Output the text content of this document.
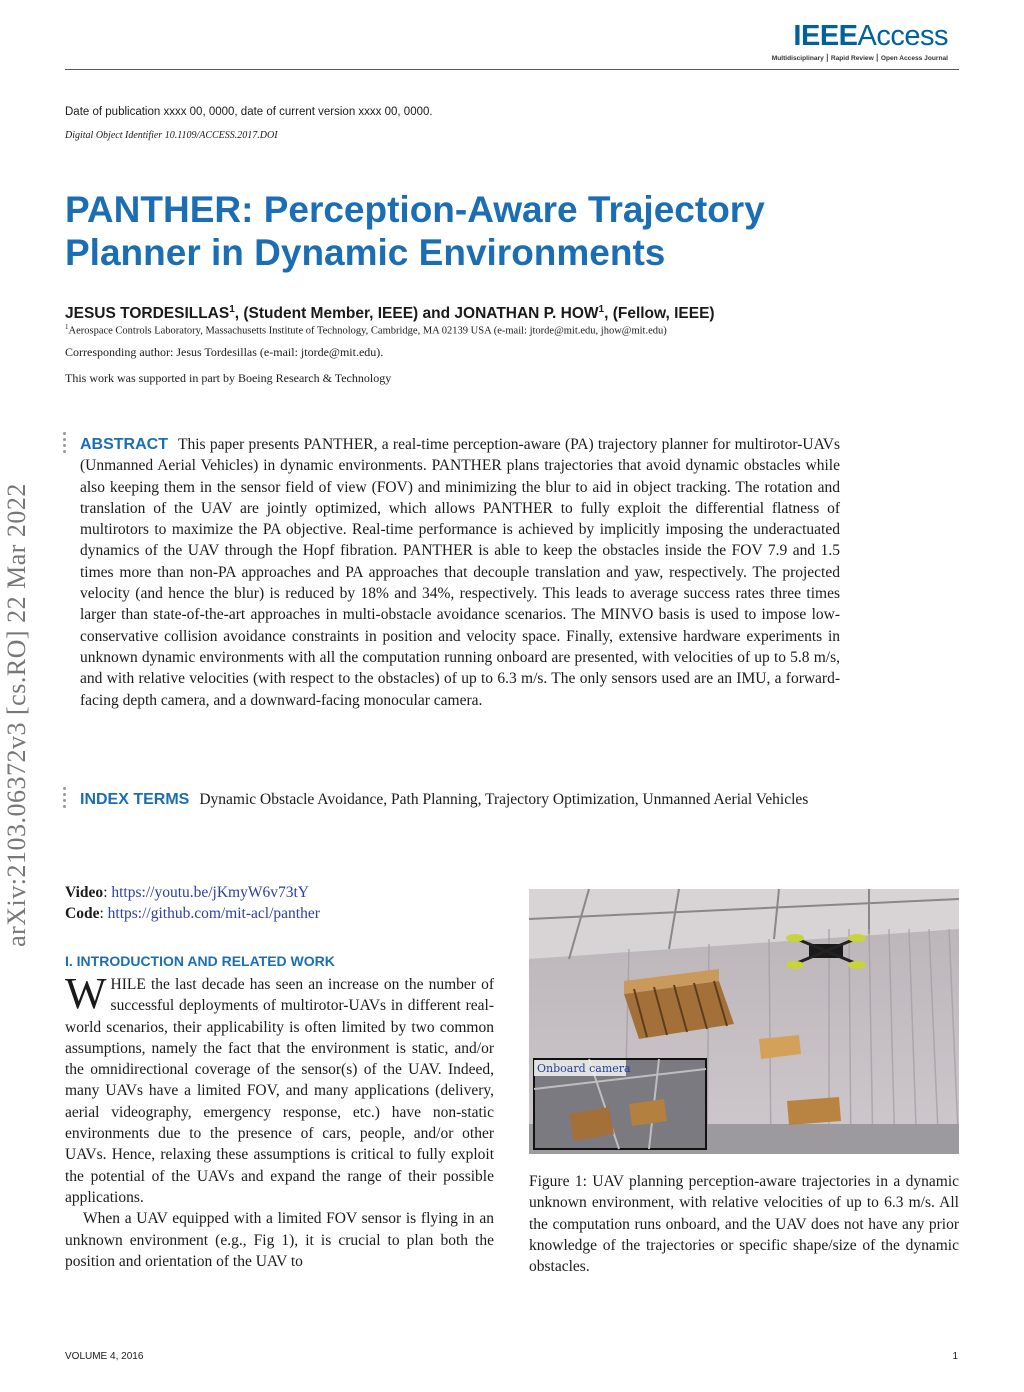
IEEEAccess
Multidisciplinary ⎮ Rapid Review ⎮ Open Access Journal
Date of publication xxxx 00, 0000, date of current version xxxx 00, 0000.
Digital Object Identifier 10.1109/ACCESS.2017.DOI
PANTHER: Perception-Aware Trajectory Planner in Dynamic Environments
JESUS TORDESILLAS$^1$, (Student Member, IEEE) and JONATHAN P. HOW$^1$, (Fellow, IEEE)
$^1$Aerospace Controls Laboratory, Massachusetts Institute of Technology, Cambridge, MA 02139 USA (e-mail: jtorde@mit.edu, jhow@mit.edu)
Corresponding author: Jesus Tordesillas (e-mail: jtorde@mit.edu).
This work was supported in part by Boeing Research & Technology
arXiv:2103.06372v3 [cs.RO] 22 Mar 2022
ABSTRACT This paper presents PANTHER, a real-time perception-aware (PA) trajectory planner for multirotor-UAVs (Unmanned Aerial Vehicles) in dynamic environments. PANTHER plans trajectories that avoid dynamic obstacles while also keeping them in the sensor field of view (FOV) and minimizing the blur to aid in object tracking. The rotation and translation of the UAV are jointly optimized, which allows PANTHER to fully exploit the differential flatness of multirotors to maximize the PA objective. Real-time performance is achieved by implicitly imposing the underactuated dynamics of the UAV through the Hopf fibration. PANTHER is able to keep the obstacles inside the FOV 7.9 and 1.5 times more than non-PA approaches and PA approaches that decouple translation and yaw, respectively. The projected velocity (and hence the blur) is reduced by 18% and 34%, respectively. This leads to average success rates three times larger than state-of-the-art approaches in multi-obstacle avoidance scenarios. The MINVO basis is used to impose low-conservative collision avoidance constraints in position and velocity space. Finally, extensive hardware experiments in unknown dynamic environments with all the computation running onboard are presented, with velocities of up to 5.8 m/s, and with relative velocities (with respect to the obstacles) of up to 6.3 m/s. The only sensors used are an IMU, a forward-facing depth camera, and a downward-facing monocular camera.
INDEX TERMS Dynamic Obstacle Avoidance, Path Planning, Trajectory Optimization, Unmanned Aerial Vehicles
Video: https://youtu.be/jKmyW6v73tY
Code: https://github.com/mit-acl/panther
I. INTRODUCTION AND RELATED WORK

WHILE the last decade has seen an increase on the number of successful deployments of multirotor-UAVs in different real-world scenarios, their applicability is often limited by two common assumptions, namely the fact that the environment is static, and/or the omnidirectional coverage of the sensor(s) of the UAV. Indeed, many UAVs have a limited FOV, and many applications (delivery, aerial videography, emergency response, etc.) have non-static environments due to the presence of cars, people, and/or other UAVs. Hence, relaxing these assumptions is critical to fully exploit the potential of the UAVs and expand the range of their possible applications.

When a UAV equipped with a limited FOV sensor is flying in an unknown environment (e.g., Fig 1), it is crucial to plan both the position and orientation of the UAV to

Onboard camera
Figure 1: UAV planning perception-aware trajectories in a dynamic unknown environment, with relative velocities of up to 6.3 m/s. All the computation runs onboard, and the UAV does not have any prior knowledge of the trajectories or specific shape/size of the dynamic obstacles.
VOLUME 4, 2016	1
